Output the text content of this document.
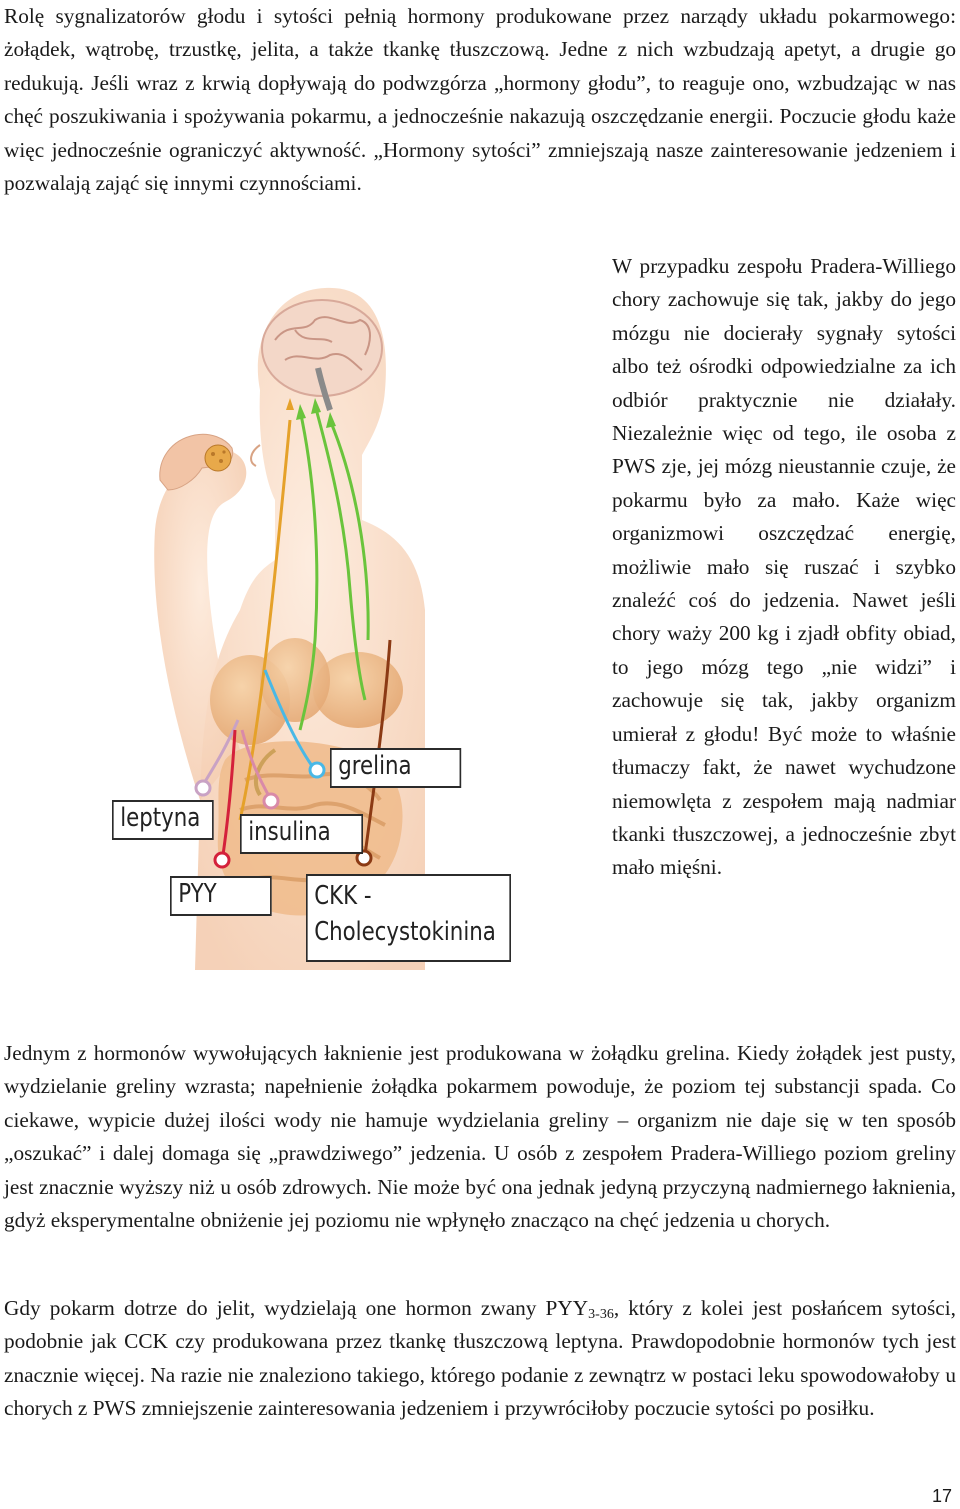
Rolę sygnalizatorów głodu i sytości pełnią hormony produkowane przez narządy układu pokarmowego: żołądek, wątrobę, trzustkę, jelita, a także tkankę tłuszczową. Jedne z nich wzbudzają apetyt, a drugie go redukują. Jeśli wraz z krwią dopływają do podwzgórza „hormony głodu”, to reaguje ono, wzbudzając w nas chęć poszukiwania i spożywania pokarmu, a jednocześnie nakazują oszczędzanie energii. Poczucie głodu każe więc jednocześnie ograniczyć aktywność. „Hormony sytości” zmniejszają nasze zainteresowanie jedzeniem i pozwalają zająć się innymi czynnościami.

W przypadku zespołu Pradera-Williego chory zachowuje się tak, jakby do jego mózgu nie docierały sygnały sytości albo też ośrodki odpowiedzialne za ich odbiór praktycznie nie działały. Niezależnie więc od tego, ile osoba z PWS zje, jej mózg nieustannie czuje, że pokarmu było za mało. Każe więc organizmowi oszczędzać energię, możliwie mało się ruszać i szybko znaleźć coś do jedzenia. Nawet jeśli chory waży 200 kg i zjadł obfity obiad, to jego mózg tego „nie widzi” i zachowuje się tak, jakby organizm umierał z głodu! Być może to właśnie tłumaczy fakt, że nawet wychudzone niemowlęta z zespołem mają nadmiar tkanki tłuszczowej, a jednocześnie zbyt mało mięśni.

grelina
leptyna	insulina
PYY	CKK -
Cholecystokinina

Jednym z hormonów wywołujących łaknienie jest produkowana w żołądku grelina. Kiedy żołądek jest pusty, wydzielanie greliny wzrasta; napełnienie żołądka pokarmem powoduje, że poziom tej substancji spada. Co ciekawe, wypicie dużej ilości wody nie hamuje wydzielania greliny – organizm nie daje się w ten sposób „oszukać” i dalej domaga się „prawdziwego” jedzenia. U osób z zespołem Pradera-Williego poziom greliny jest znacznie wyższy niż u osób zdrowych. Nie może być ona jednak jedyną przyczyną nadmiernego łaknienia, gdyż eksperymentalne obniżenie jej poziomu nie wpłynęło znacząco na chęć jedzenia u chorych.

Gdy pokarm dotrze do jelit, wydzielają one hormon zwany $PYY_{3-36}$, który z kolei jest posłańcem sytości, podobnie jak CCK czy produkowana przez tkankę tłuszczową leptyna. Prawdopodobnie hormonów tych jest znacznie więcej. Na razie nie znaleziono takiego, którego podanie z zewnątrz w postaci leku spowodowałoby u chorych z PWS zmniejszenie zainteresowania jedzeniem i przywróciłoby poczucie sytości po posiłku.

17
